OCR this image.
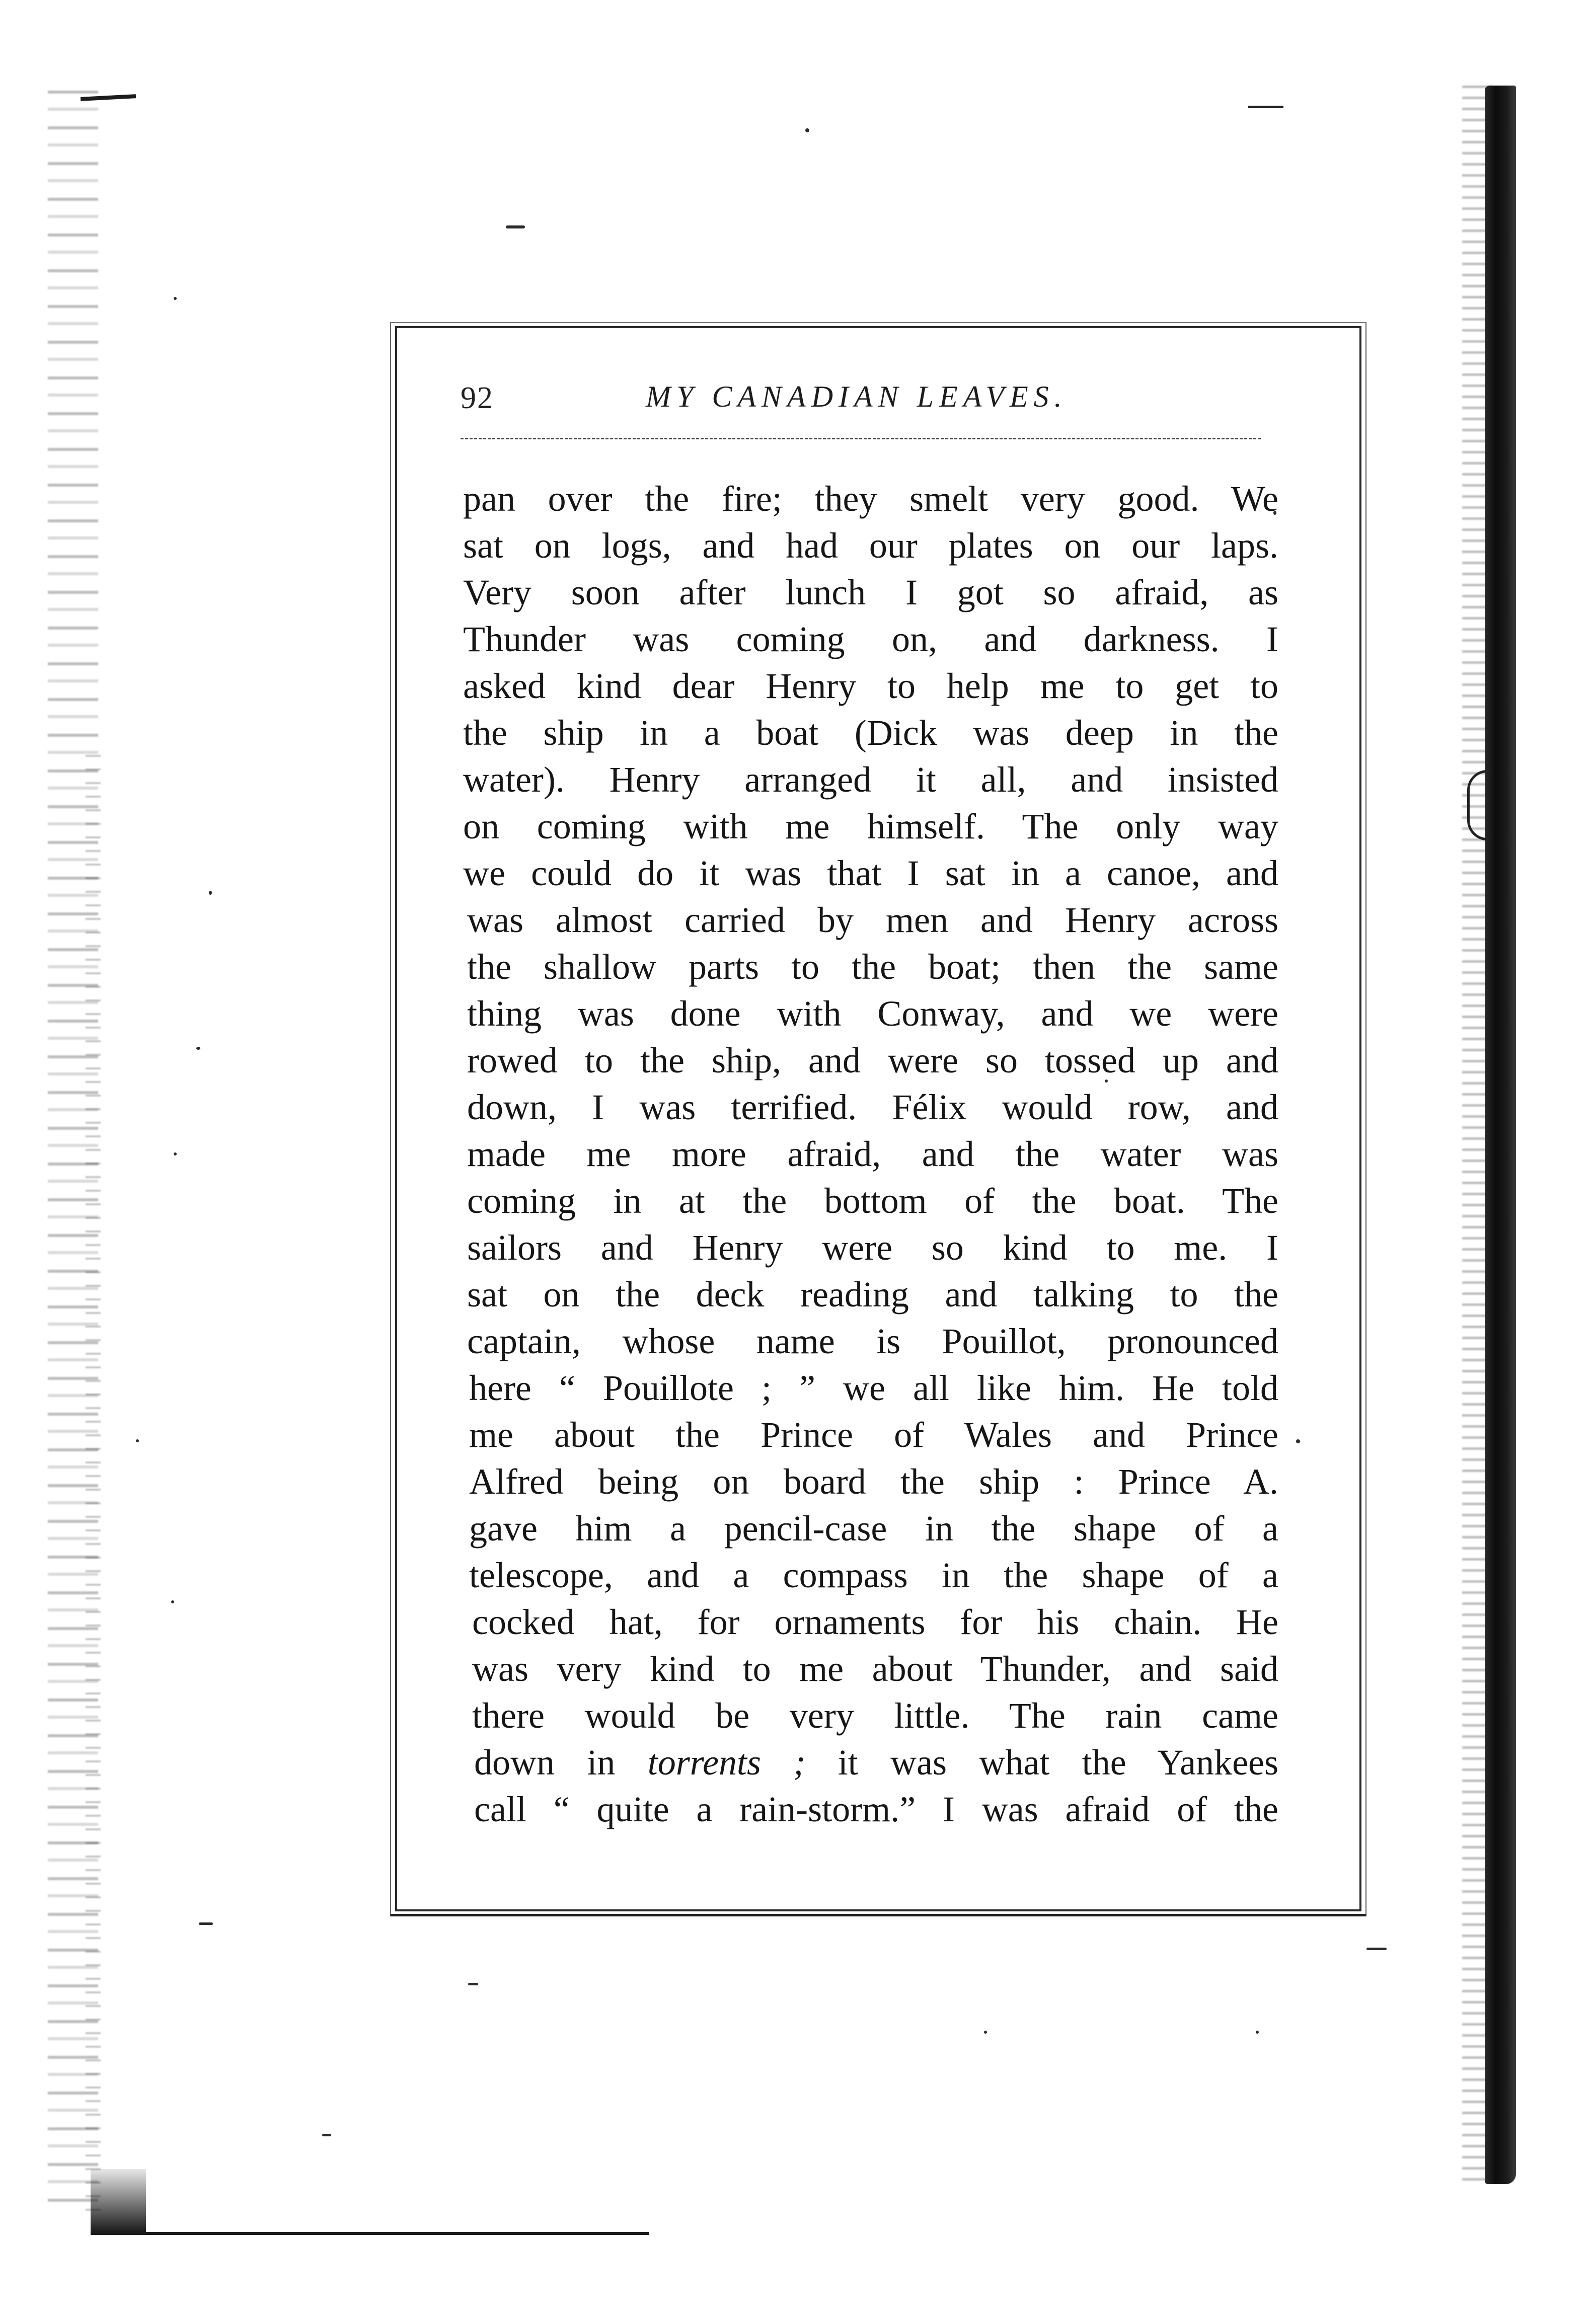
92	MY CANADIAN LEAVES.
pan over the fire; they smelt very good. We
sat on logs, and had our plates on our laps.
Very soon after lunch I got so afraid, as
Thunder was coming on, and darkness. I
asked kind dear Henry to help me to get to
the ship in a boat (Dick was deep in the
water). Henry arranged it all, and insisted
on coming with me himself. The only way
we could do it was that I sat in a canoe, and
was almost carried by men and Henry across
the shallow parts to the boat; then the same
thing was done with Conway, and we were
rowed to the ship, and were so tossed up and
down, I was terrified. Félix would row, and
made me more afraid, and the water was
coming in at the bottom of the boat. The
sailors and Henry were so kind to me. I
sat on the deck reading and talking to the
captain, whose name is Pouillot, pronounced
here “ Pouillote ; ” we all like him. He told
me about the Prince of Wales and Prince
Alfred being on board the ship : Prince A.
gave him a pencil-case in the shape of a
telescope, and a compass in the shape of a
cocked hat, for ornaments for his chain. He
was very kind to me about Thunder, and said
there would be very little. The rain came
down in torrents ; it was what the Yankees
call “ quite a rain-storm.” I was afraid of the
